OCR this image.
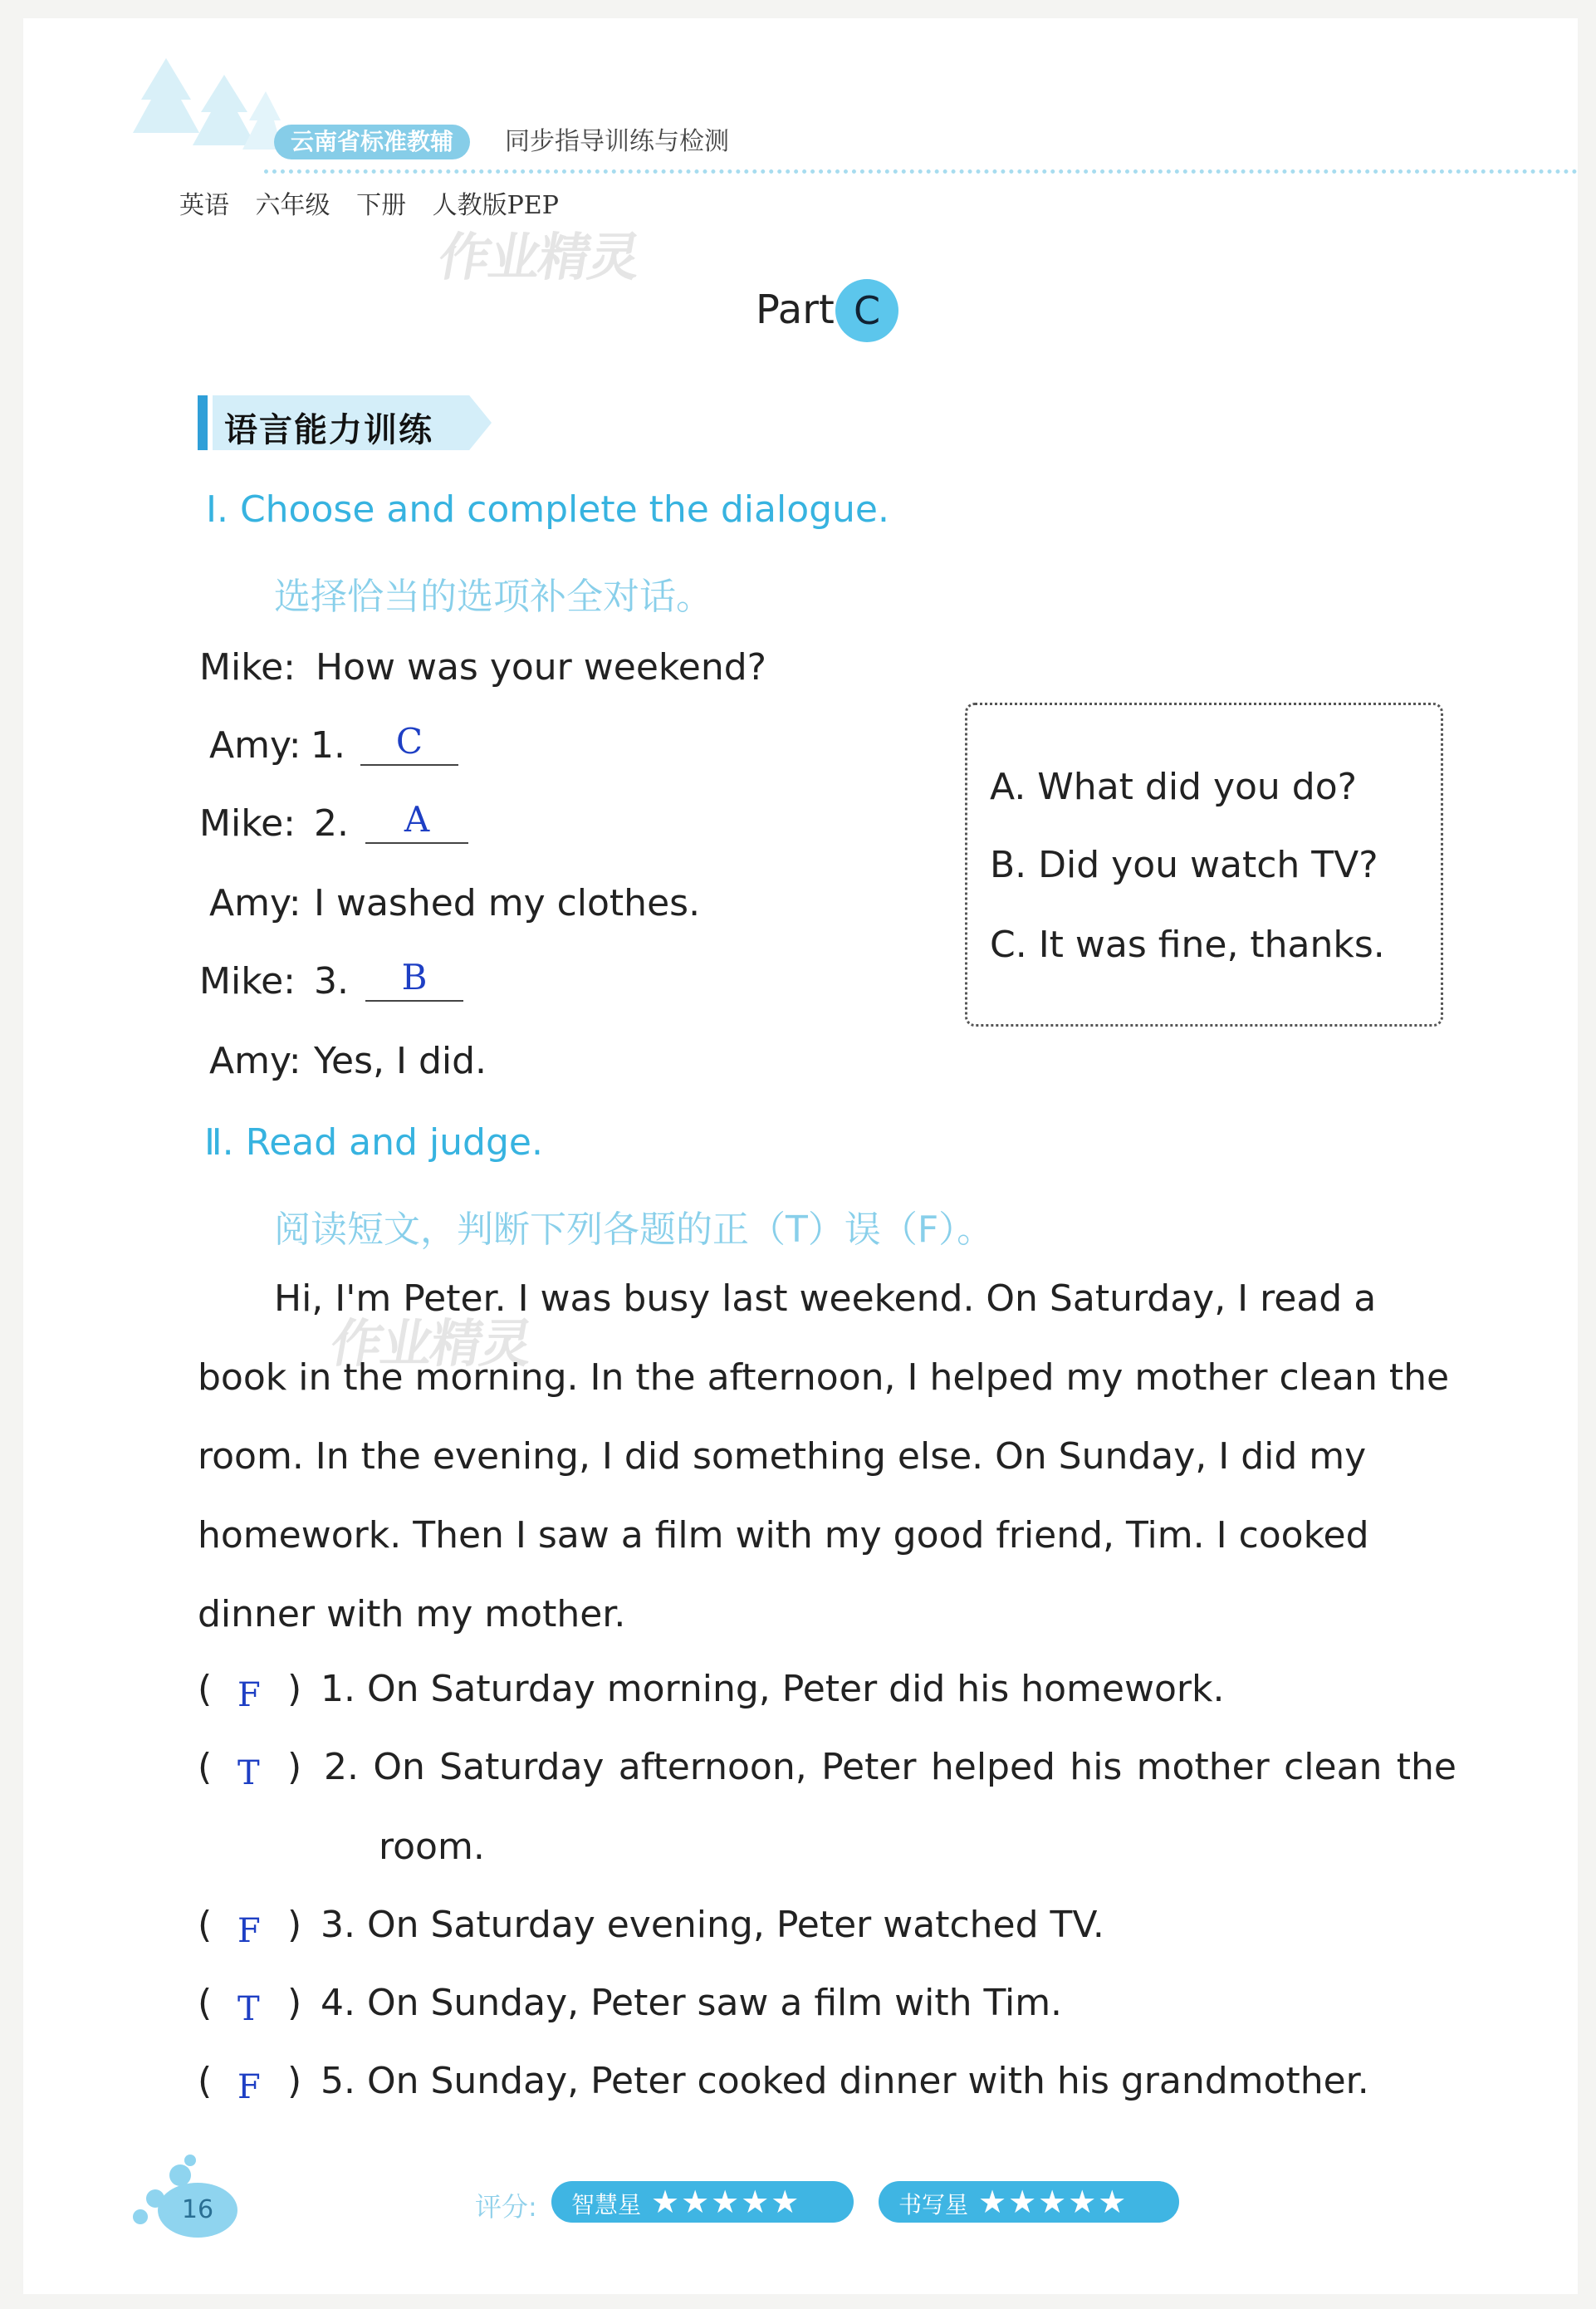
云南省标准教辅	同步指导训练与检测
英语 六年级 下册 人教版PEP
作业精灵
Part C
语言能力训练
Ⅰ. Choose and complete the dialogue.
选择恰当的选项补全对话。
Mike: How was your weekend?
Amy: 1.	C
Mike: 2.	A
Amy: I washed my clothes.
Mike: 3.	B
Amy: Yes, I did.
A. What did you do?
B. Did you watch TV?
C. It was fine, thanks.
Ⅱ. Read and judge.
阅读短文，判断下列各题的正（T）误（F）。
作业精灵
Hi, I'm Peter. I was busy last weekend. On Saturday, I read a
book in the morning. In the afternoon, I helped my mother clean the
room. In the evening, I did something else. On Sunday, I did my
homework. Then I saw a film with my good friend, Tim. I cooked
dinner with my mother.
( F ) 1. On Saturday morning, Peter did his homework.
( T ) 2. On Saturday afternoon, Peter helped his mother clean the
room.
( F ) 3. On Saturday evening, Peter watched TV.
( T ) 4. On Sunday, Peter saw a film with Tim.
( F ) 5. On Sunday, Peter cooked dinner with his grandmother.
16	评分:	智慧星 ★★★★★	书写星 ★★★★★
